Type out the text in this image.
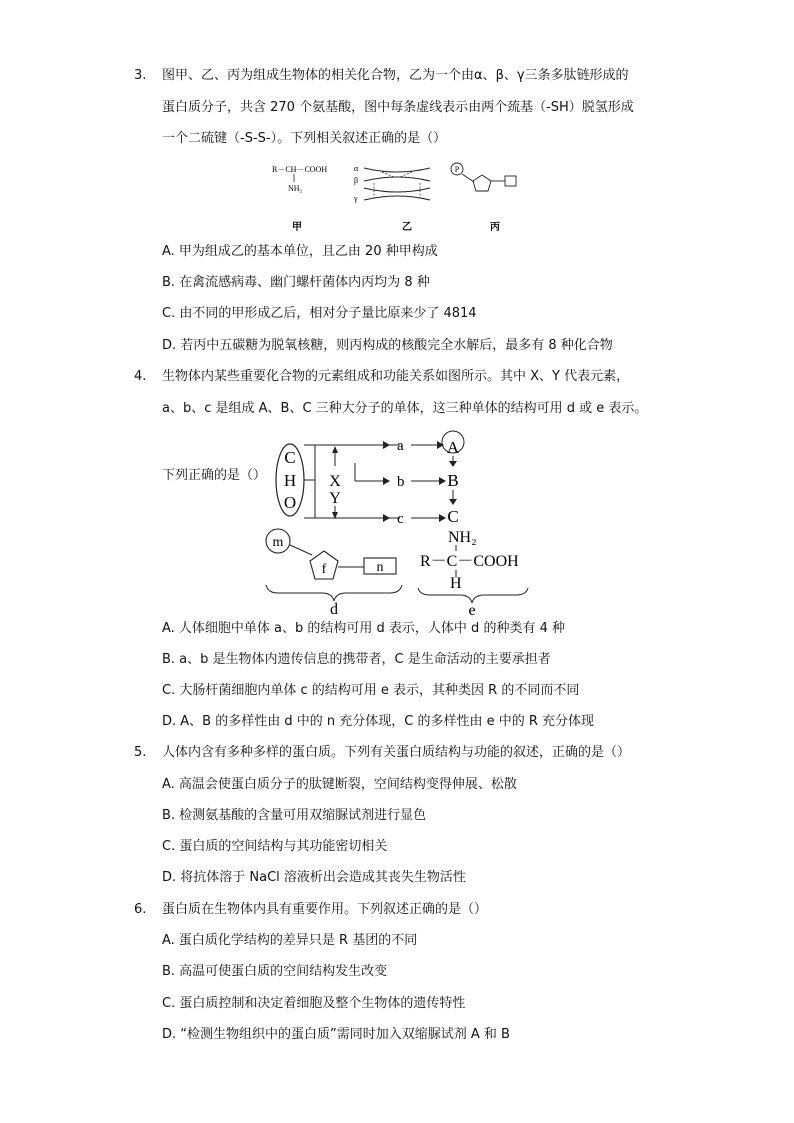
3. 图甲、乙、丙为组成生物体的相关化合物，乙为一个由α、β、γ三条多肽链形成的
蛋白质分子，共含 270 个氨基酸，图中每条虚线表示由两个巯基（-SH）脱氢形成
一个二硫键（-S-S-）。下列相关叙述正确的是（）
R－CH－COOH
NH₂
α
β
γ
P
甲	乙	丙
A. 甲为组成乙的基本单位，且乙由 20 种甲构成
B. 在禽流感病毒、幽门螺杆菌体内丙均为 8 种
C. 由不同的甲形成乙后，相对分子量比原来少了 4814
D. 若丙中五碳糖为脱氧核糖，则丙构成的核酸完全水解后，最多有 8 种化合物
4. 生物体内某些重要化合物的元素组成和功能关系如图所示。其中 X、Y 代表元素，
a、b、c 是组成 A、B、C 三种大分子的单体，这三种单体的结构可用 d 或 e 表示。
下列正确的是（）
C
H
O
X
Y
a
b
c
A
B
C
NH₂
R－C－COOH
H
e
m
f	n
d
A. 人体细胞中单体 a、b 的结构可用 d 表示，人体中 d 的种类有 4 种
B. a、b 是生物体内遗传信息的携带者，C 是生命活动的主要承担者
C. 大肠杆菌细胞内单体 c 的结构可用 e 表示，其种类因 R 的不同而不同
D. A、B 的多样性由 d 中的 n 充分体现，C 的多样性由 e 中的 R 充分体现
5. 人体内含有多种多样的蛋白质。下列有关蛋白质结构与功能的叙述，正确的是（）
A. 高温会使蛋白质分子的肽键断裂，空间结构变得伸展、松散
B. 检测氨基酸的含量可用双缩脲试剂进行显色
C. 蛋白质的空间结构与其功能密切相关
D. 将抗体溶于 NaCl 溶液析出会造成其丧失生物活性
6. 蛋白质在生物体内具有重要作用。下列叙述正确的是（）
A. 蛋白质化学结构的差异只是 R 基团的不同
B. 高温可使蛋白质的空间结构发生改变
C. 蛋白质控制和决定着细胞及整个生物体的遗传特性
D. “检测生物组织中的蛋白质”需同时加入双缩脲试剂 A 和 B
